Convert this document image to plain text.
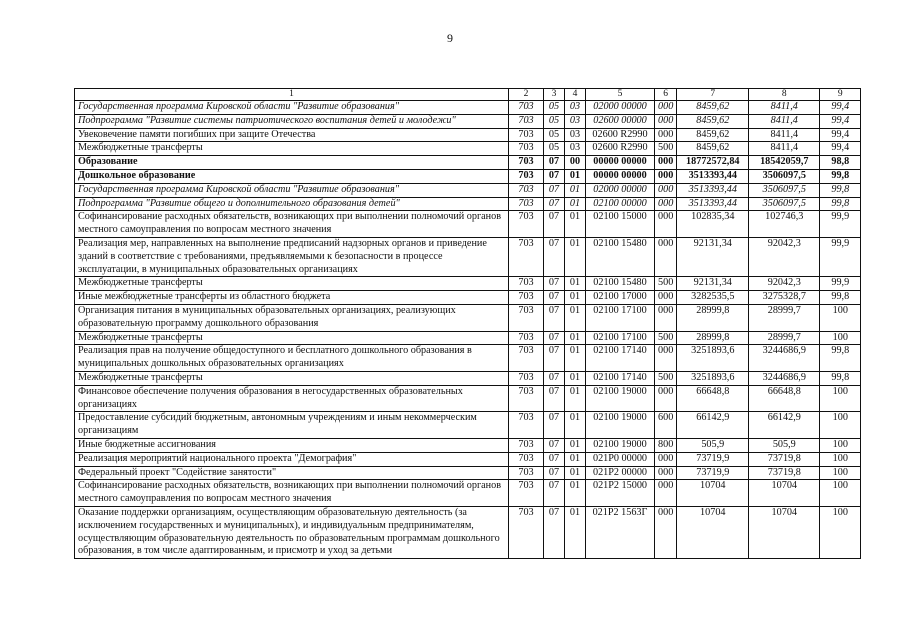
9
1	2	3	4	5	6	7	8	9
Государственная программа Кировской области "Развитие образования"	703	05	03	02000 00000	000	8459,62	8411,4	99,4
Подпрограмма "Развитие системы патриотического воспитания детей и молодежи"	703	05	03	02600 00000	000	8459,62	8411,4	99,4
Увековечение памяти погибших при защите Отечества	703	05	03	02600 R2990	000	8459,62	8411,4	99,4
Межбюджетные трансферты	703	05	03	02600 R2990	500	8459,62	8411,4	99,4
Образование	703	07	00	00000 00000	000	18772572,84	18542059,7	98,8
Дошкольное образование	703	07	01	00000 00000	000	3513393,44	3506097,5	99,8
Государственная программа Кировской области "Развитие образования"	703	07	01	02000 00000	000	3513393,44	3506097,5	99,8
Подпрограмма "Развитие общего и дополнительного образования детей"	703	07	01	02100 00000	000	3513393,44	3506097,5	99,8
Софинансирование расходных обязательств, возникающих при выполнении полномочий органов местного самоуправления по вопросам местного значения	703	07	01	02100 15000	000	102835,34	102746,3	99,9
Реализация мер, направленных на выполнение предписаний надзорных органов и приведение зданий в соответствие с требованиями, предъявляемыми к безопасности в процессе эксплуатации, в муниципальных образовательных организациях	703	07	01	02100 15480	000	92131,34	92042,3	99,9
Межбюджетные трансферты	703	07	01	02100 15480	500	92131,34	92042,3	99,9
Иные межбюджетные трансферты из областного бюджета	703	07	01	02100 17000	000	3282535,5	3275328,7	99,8
Организация питания в муниципальных образовательных организациях, реализующих образовательную программу дошкольного образования	703	07	01	02100 17100	000	28999,8	28999,7	100
Межбюджетные трансферты	703	07	01	02100 17100	500	28999,8	28999,7	100
Реализация прав на получение общедоступного и бесплатного дошкольного образования в муниципальных дошкольных образовательных организациях	703	07	01	02100 17140	000	3251893,6	3244686,9	99,8
Межбюджетные трансферты	703	07	01	02100 17140	500	3251893,6	3244686,9	99,8
Финансовое обеспечение получения образования в негосударственных образовательных организациях	703	07	01	02100 19000	000	66648,8	66648,8	100
Предоставление субсидий бюджетным, автономным учреждениям и иным некоммерческим организациям	703	07	01	02100 19000	600	66142,9	66142,9	100
Иные бюджетные ассигнования	703	07	01	02100 19000	800	505,9	505,9	100
Реализация мероприятий национального проекта "Демография"	703	07	01	021P0 00000	000	73719,9	73719,8	100
Федеральный проект "Содействие занятости"	703	07	01	021P2 00000	000	73719,9	73719,8	100
Софинансирование расходных обязательств, возникающих при выполнении полномочий органов местного самоуправления по вопросам местного значения	703	07	01	021P2 15000	000	10704	10704	100
Оказание поддержки организациям, осуществляющим образовательную деятельность (за исключением государственных и муниципальных), и индивидуальным предпринимателям, осуществляющим образовательную деятельность по образовательным программам дошкольного образования, в том числе адаптированным, и присмотр и уход за детьми	703	07	01	021P2 1563Г	000	10704	10704	100
